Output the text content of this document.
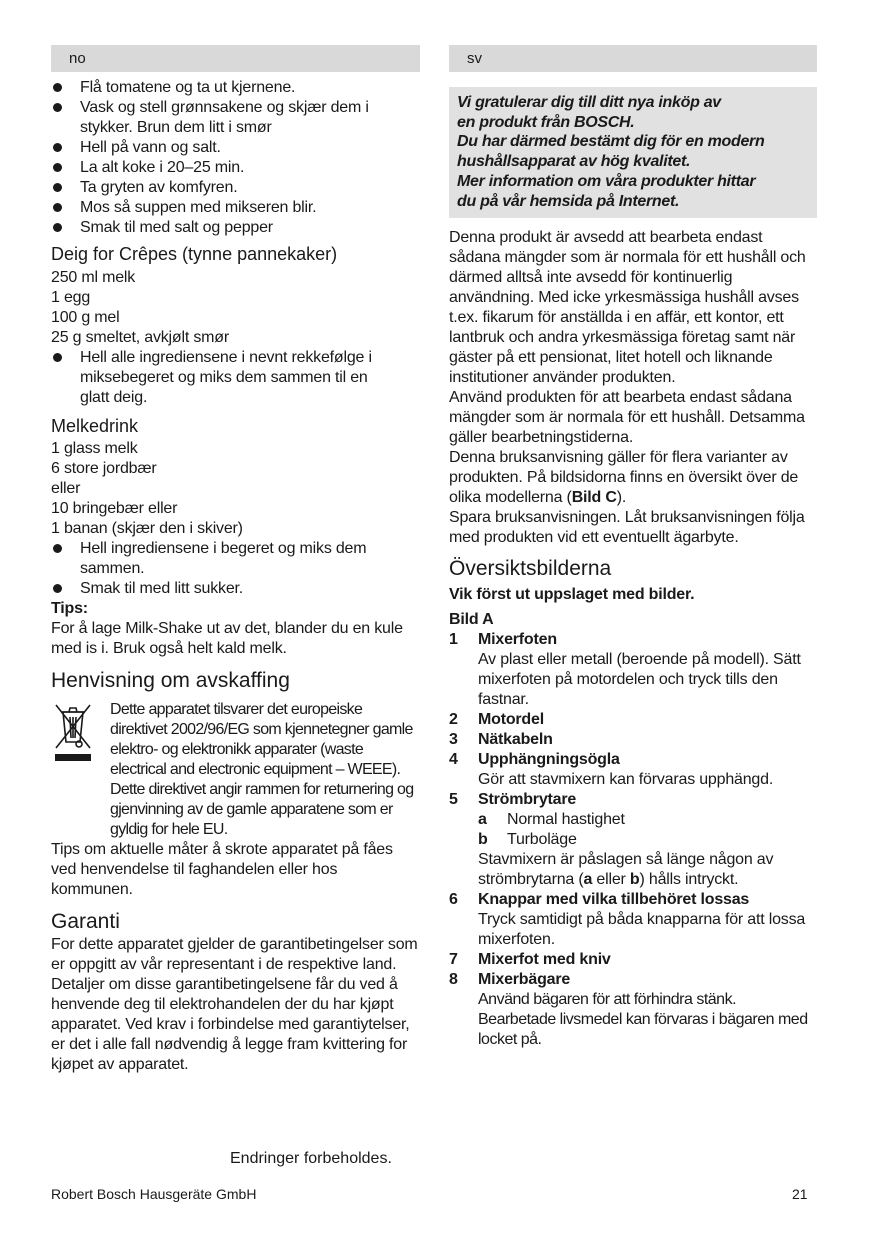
no
Flå tomatene og ta ut kjernene.
Vask og stell grønnsakene og skjær dem i stykker. Brun dem litt i smør
Hell på vann og salt.
La alt koke i 20–25 min.
Ta gryten av komfyren.
Mos så suppen med mikseren blir.
Smak til med salt og pepper
Deig for Crêpes (tynne pannekaker)
250 ml melk
1 egg
100 g mel
25 g smeltet, avkjølt smør
Hell alle ingrediensene i nevnt rekkefølge i miksebegeret og miks dem sammen til en glatt deig.
Melkedrink
1 glass melk
6 store jordbær
eller
10 bringebær eller
1 banan (skjær den i skiver)
Hell ingrediensene i begeret og miks dem sammen.
Smak til med litt sukker.
Tips:
For å lage Milk-Shake ut av det, blander du en kule med is i. Bruk også helt kald melk.
Henvisning om avskaffing
Dette apparatet tilsvarer det europeiske direktivet 2002/96/EG som kjennetegner gamle elektro- og elektronikk apparater (waste electrical and electronic equipment – WEEE). Dette direktivet angir rammen for returnering og gjenvinning av de gamle apparatene som er gyldig for hele EU.
Tips om aktuelle måter å skrote apparatet på fåes ved henvendelse til faghandelen eller hos kommunen.
Garanti
For dette apparatet gjelder de garantibetingelser som er oppgitt av vår representant i de respektive land. Detaljer om disse garantibetingelsene får du ved å henvende deg til elektrohandelen der du har kjøpt apparatet. Ved krav i forbindelse med garantiytelser, er det i alle fall nødvendig å legge fram kvittering for kjøpet av apparatet.
sv
Vi gratulerar dig till ditt nya inköp av
en produkt från BOSCH.
Du har därmed bestämt dig för en modern
hushållsapparat av hög kvalitet.
Mer information om våra produkter hittar
du på vår hemsida på Internet.
Denna produkt är avsedd att bearbeta endast sådana mängder som är normala för ett hushåll och därmed alltså inte avsedd för kontinuerlig användning. Med icke yrkesmässiga hushåll avses t.ex. fikarum för anställda i en affär, ett kontor, ett lantbruk och andra yrkesmässiga företag samt när gäster på ett pensionat, litet hotell och liknande institutioner använder produkten.
Använd produkten för att bearbeta endast sådana mängder som är normala för ett hushåll. Detsamma gäller bearbetningstiderna.
Denna bruksanvisning gäller för flera varianter av produkten. På bildsidorna finns en översikt över de olika modellerna (Bild C).
Spara bruksanvisningen. Låt bruksanvisningen följa med produkten vid ett eventuellt ägarbyte.
Översiktsbilderna
Vik först ut uppslaget med bilder.
Bild A
1	Mixerfoten
Av plast eller metall (beroende på modell). Sätt mixerfoten på motordelen och tryck tills den fastnar.
2	Motordel
3	Nätkabeln
4	Upphängningsögla
Gör att stavmixern kan förvaras upphängd.
5	Strömbrytare
a	Normal hastighet
b	Turboläge
Stavmixern är påslagen så länge någon av strömbrytarna (a eller b) hålls intryckt.
6	Knappar med vilka tillbehöret lossas
Tryck samtidigt på båda knapparna för att lossa mixerfoten.
7	Mixerfot med kniv
8	Mixerbägare
Använd bägaren för att förhindra stänk. Bearbetade livsmedel kan förvaras i bägaren med locket på.
Endringer forbeholdes.
Robert Bosch Hausgeräte GmbH	21
